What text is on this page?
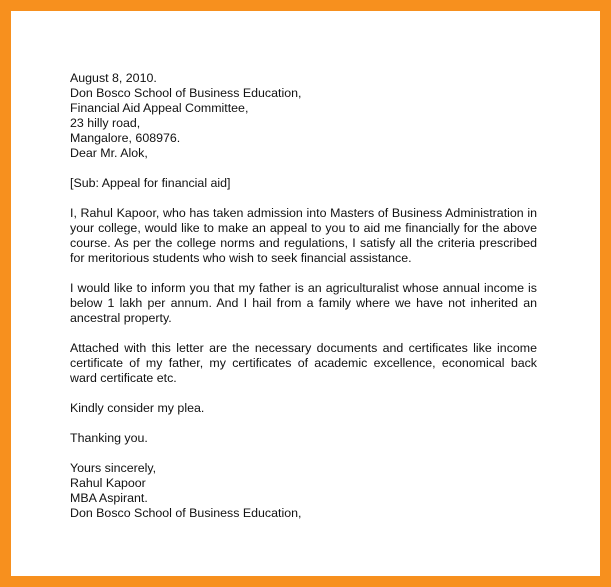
August 8, 2010.
Don Bosco School of Business Education,
Financial Aid Appeal Committee,
23 hilly road,
Mangalore, 608976.
Dear Mr. Alok,
[Sub: Appeal for financial aid]

I, Rahul Kapoor, who has taken admission into Masters of Business Administration in your college, would like to make an appeal to you to aid me financially for the above course. As per the college norms and regulations, I satisfy all the criteria prescribed for meritorious students who wish to seek financial assistance.

I would like to inform you that my father is an agriculturalist whose annual income is below 1 lakh per annum. And I hail from a family where we have not inherited an ancestral property.

Attached with this letter are the necessary documents and certificates like income certificate of my father, my certificates of academic excellence, economical back ward certificate etc.

Kindly consider my plea.

Thanking you.

Yours sincerely,
Rahul Kapoor
MBA Aspirant.
Don Bosco School of Business Education,
